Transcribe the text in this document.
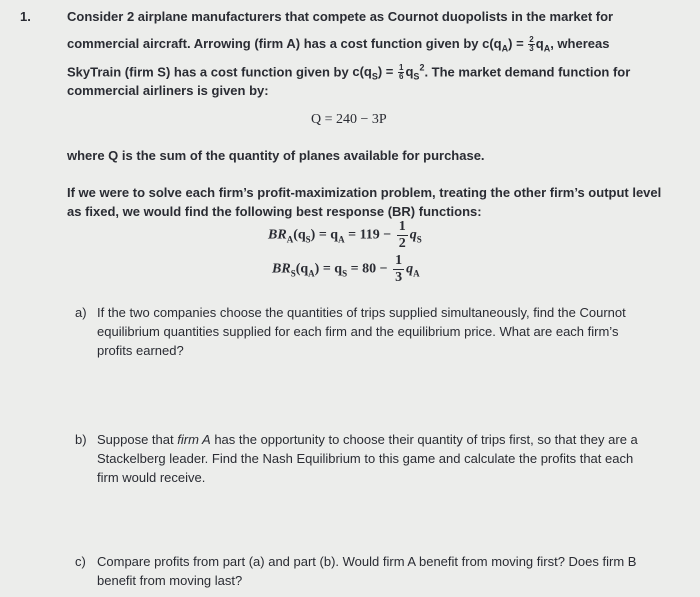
1.	Consider 2 airplane manufacturers that compete as Cournot duopolists in the market for
commercial aircraft. Arrowing (firm A) has a cost function given by $c(q_A) = \frac{2}{3} q_A$, whereas
SkyTrain (firm S) has a cost function given by $c(q_S) = \frac{1}{6} q_S^2$. The market demand function for
commercial airliners is given by:
Q = 240 − 3P
where Q is the sum of the quantity of planes available for purchase.
If we were to solve each firm’s profit-maximization problem, treating the other firm’s output level
as fixed, we would find the following best response (BR) functions:
$BR_A(q_S) = q_A = 119 - \frac{1}{2} q_S$
$BR_S(q_A) = q_S = 80 - \frac{1}{3} q_A$
a) If the two companies choose the quantities of trips supplied simultaneously, find the Cournot
equilibrium quantities supplied for each firm and the equilibrium price. What are each firm’s
profits earned?
b) Suppose that firm A has the opportunity to choose their quantity of trips first, so that they are a
Stackelberg leader. Find the Nash Equilibrium to this game and calculate the profits that each
firm would receive.
c) Compare profits from part (a) and part (b). Would firm A benefit from moving first? Does firm B
benefit from moving last?
